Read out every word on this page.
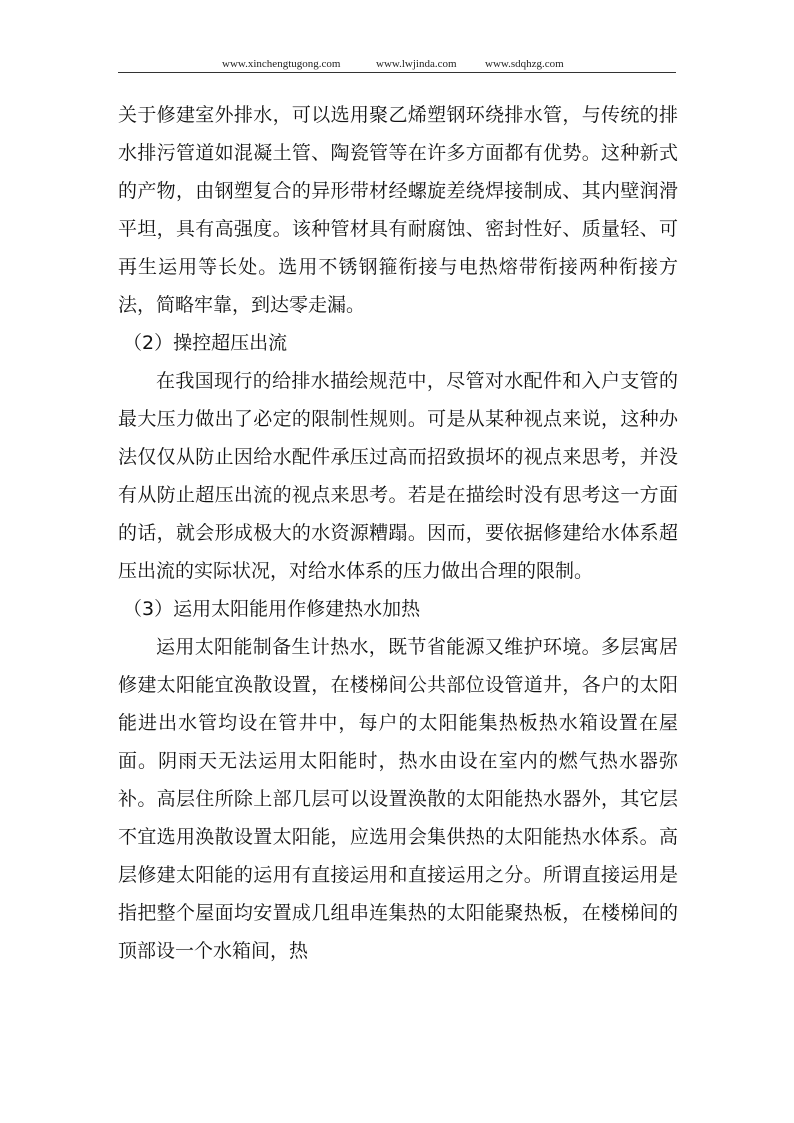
www.xinchengtugong.com	www.lwjinda.com	www.sdqhzg.com

关于修建室外排水，可以选用聚乙烯塑钢环绕排水管，与传统的排水排污管道如混凝土管、陶瓷管等在许多方面都有优势。这种新式的产物，由钢塑复合的异形带材经螺旋差绕焊接制成、其内壁润滑平坦，具有高强度。该种管材具有耐腐蚀、密封性好、质量轻、可再生运用等长处。选用不锈钢箍衔接与电热熔带衔接两种衔接方法，简略牢靠，到达零走漏。

（2）操控超压出流

在我国现行的给排水描绘规范中，尽管对水配件和入户支管的最大压力做出了必定的限制性规则。可是从某种视点来说，这种办法仅仅从防止因给水配件承压过高而招致损坏的视点来思考，并没有从防止超压出流的视点来思考。若是在描绘时没有思考这一方面的话，就会形成极大的水资源糟蹋。因而，要依据修建给水体系超压出流的实际状况，对给水体系的压力做出合理的限制。

（3）运用太阳能用作修建热水加热

运用太阳能制备生计热水，既节省能源又维护环境。多层寓居修建太阳能宜涣散设置，在楼梯间公共部位设管道井，各户的太阳能进出水管均设在管井中，每户的太阳能集热板热水箱设置在屋面。阴雨天无法运用太阳能时，热水由设在室内的燃气热水器弥补。高层住所除上部几层可以设置涣散的太阳能热水器外，其它层不宜选用涣散设置太阳能，应选用会集供热的太阳能热水体系。高层修建太阳能的运用有直接运用和直接运用之分。所谓直接运用是指把整个屋面均安置成几组串连集热的太阳能聚热板，在楼梯间的顶部设一个水箱间，热
